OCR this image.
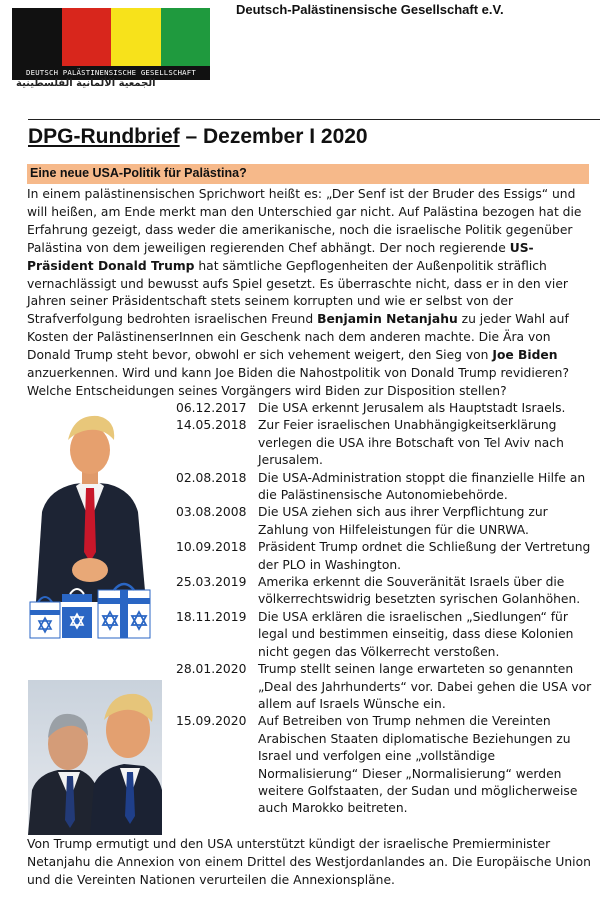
DEUTSCH PALÄSTINENSISCHE GESELLSCHAFT
الجمعية الألمانية الفلسطينية
Deutsch-Palästinensische Gesellschaft e.V.
DPG-Rundbrief – Dezember I 2020
Eine neue USA-Politik für Palästina?
In einem palästinensischen Sprichwort heißt es: „Der Senf ist der Bruder des Essigs“ und will heißen, am Ende merkt man den Unterschied gar nicht. Auf Palästina bezogen hat die Erfahrung gezeigt, dass weder die amerikanische, noch die israelische Politik gegenüber Palästina von dem jeweiligen regierenden Chef abhängt. Der noch regierende US-Präsident Donald Trump hat sämtliche Gepflogenheiten der Außenpolitik sträflich vernachlässigt und bewusst aufs Spiel gesetzt. Es überraschte nicht, dass er in den vier Jahren seiner Präsidentschaft stets seinem korrupten und wie er selbst von der Strafverfolgung bedrohten israelischen Freund Benjamin Netanjahu zu jeder Wahl auf Kosten der PalästinenserInnen ein Geschenk nach dem anderen machte. Die Ära von Donald Trump steht bevor, obwohl er sich vehement weigert, den Sieg von Joe Biden anzuerkennen. Wird und kann Joe Biden die Nahostpolitik von Donald Trump revidieren? Welche Entscheidungen seines Vorgängers wird Biden zur Disposition stellen?
06.12.2017 Die USA erkennt Jerusalem als Hauptstadt Israels.
14.05.2018 Zur Feier israelischen Unabhängigkeitserklärung verlegen die USA ihre Botschaft von Tel Aviv nach Jerusalem.
02.08.2018 Die USA-Administration stoppt die finanzielle Hilfe an die Palästinensische Autonomiebehörde.
03.08.2008 Die USA ziehen sich aus ihrer Verpflichtung zur Zahlung von Hilfeleistungen für die UNRWA.
10.09.2018 Präsident Trump ordnet die Schließung der Vertretung der PLO in Washington.
25.03.2019 Amerika erkennt die Souveränität Israels über die völkerrechtswidrig besetzten syrischen Golanhöhen.
18.11.2019 Die USA erklären die israelischen „Siedlungen“ für legal und bestimmen einseitig, dass diese Kolonien nicht gegen das Völkerrecht verstoßen.
28.01.2020 Trump stellt seinen lange erwarteten so genannten „Deal des Jahrhunderts“ vor. Dabei gehen die USA vor allem auf Israels Wünsche ein.
15.09.2020 Auf Betreiben von Trump nehmen die Vereinten Arabischen Staaten diplomatische Beziehungen zu Israel und verfolgen eine „vollständige Normalisierung“ Dieser „Normalisierung“ werden weitere Golfstaaten, der Sudan und möglicherweise auch Marokko beitreten.
Von Trump ermutigt und den USA unterstützt kündigt der israelische Premierminister Netanjahu die Annexion von einem Drittel des Westjordanlandes an. Die Europäische Union und die Vereinten Nationen verurteilen die Annexionspläne.
